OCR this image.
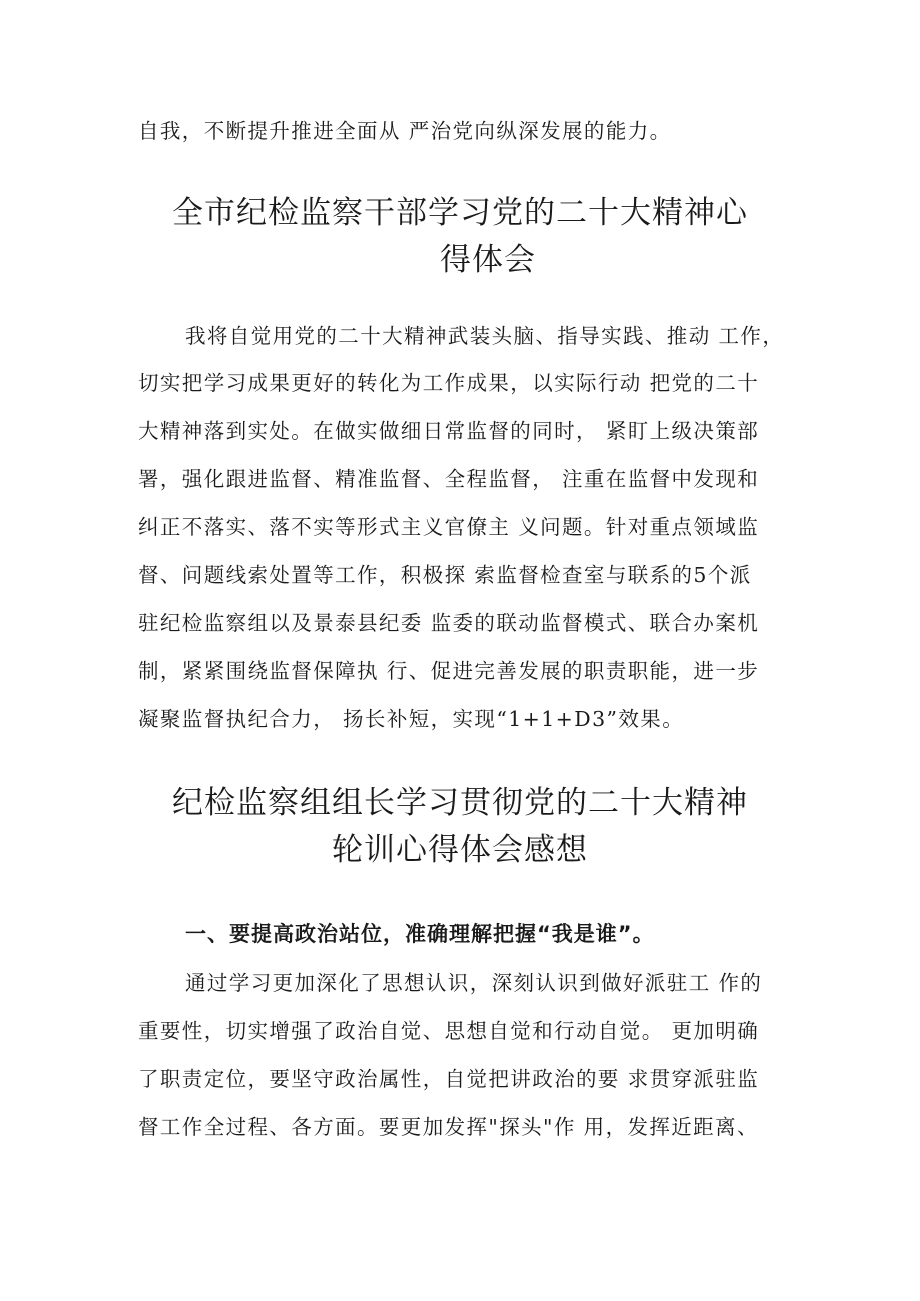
自我，不断提升推进全面从 严治党向纵深发展的能力。
全市纪检监察干部学习党的二十大精神心
得体会
我将自觉用党的二十大精神武装头脑、指导实践、推动 工作，
切实把学习成果更好的转化为工作成果，以实际行动 把党的二十
大精神落到实处。在做实做细日常监督的同时， 紧盯上级决策部
署，强化跟进监督、精准监督、全程监督， 注重在监督中发现和
纠正不落实、落不实等形式主义官僚主 义问题。针对重点领域监
督、问题线索处置等工作，积极探 索监督检查室与联系的5个派
驻纪检监察组以及景泰县纪委 监委的联动监督模式、联合办案机
制，紧紧围绕监督保障执 行、促进完善发展的职责职能，进一步
凝聚监督执纪合力， 扬长补短，实现“1+1+D3”效果。
纪检监察组组长学习贯彻党的二十大精神
轮训心得体会感想
一、要提高政治站位，准确理解把握“我是谁”。
通过学习更加深化了思想认识，深刻认识到做好派驻工 作的
重要性，切实增强了政治自觉、思想自觉和行动自觉。 更加明确
了职责定位，要坚守政治属性，自觉把讲政治的要 求贯穿派驻监
督工作全过程、各方面。要更加发挥"探头"作 用，发挥近距离、
